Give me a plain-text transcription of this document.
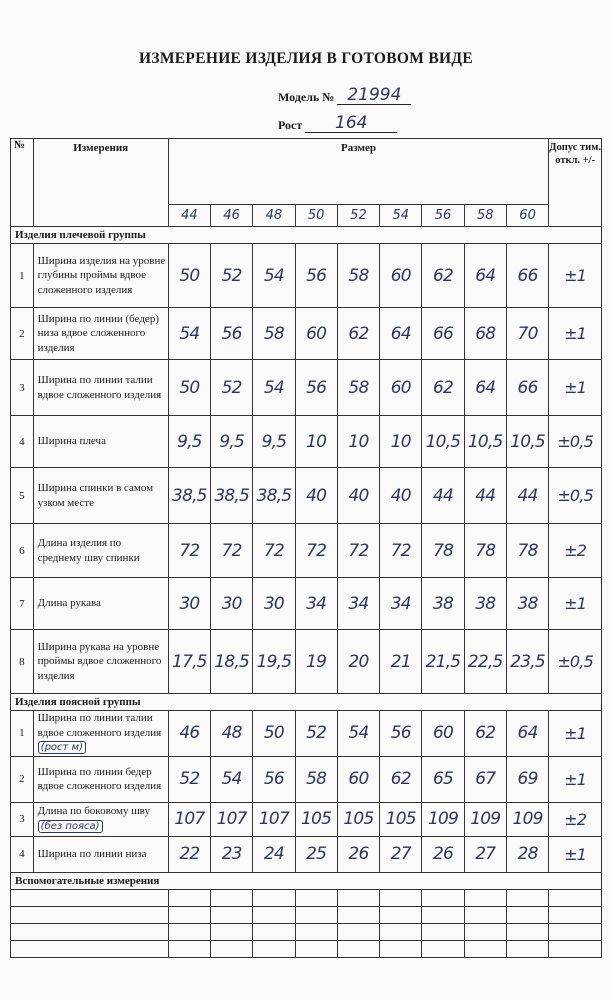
ИЗМЕРЕНИЕ ИЗДЕЛИЯ В ГОТОВОМ ВИДЕ
Модель № 21994
Рост 164
№	Измерения	Размер									Допус тим. откл. +/-
		44	46	48	50	52	54	56	58	60	
Изделия плечевой группы											
1	Ширина изделия на уровне глубины проймы вдвое сложенного изделия	50	52	54	56	58	60	62	64	66	±1
2	Ширина по линии (бедер) низа вдвое сложенного изделия	54	56	58	60	62	64	66	68	70	±1
3	Ширина по линии талии вдвое сложенного изделия	50	52	54	56	58	60	62	64	66	±1
4	Ширина плеча	9,5	9,5	9,5	10	10	10	10,5	10,5	10,5	±0,5
5	Ширина спинки в самом узком месте	38,5	38,5	38,5	40	40	40	44	44	44	±0,5
6	Длина изделия по среднему шву спинки	72	72	72	72	72	72	78	78	78	±2
7	Длина рукава	30	30	30	34	34	34	38	38	38	±1
8	Ширина рукава на уровне проймы вдвое сложенного изделия	17,5	18,5	19,5	19	20	21	21,5	22,5	23,5	±0,5
Изделия поясной группы											
1	Ширина по линии талии вдвое сложенного изделия (рост м)	46	48	50	52	54	56	60	62	64	±1
2	Ширина по линии бедер вдвое сложенного изделия	52	54	56	58	60	62	65	67	69	±1
3	Длина по боковому шву (без пояса)	107	107	107	105	105	105	109	109	109	±2
4	Ширина по линии низа	22	23	24	25	26	27	26	27	28	±1
Вспомогательные измерения											
